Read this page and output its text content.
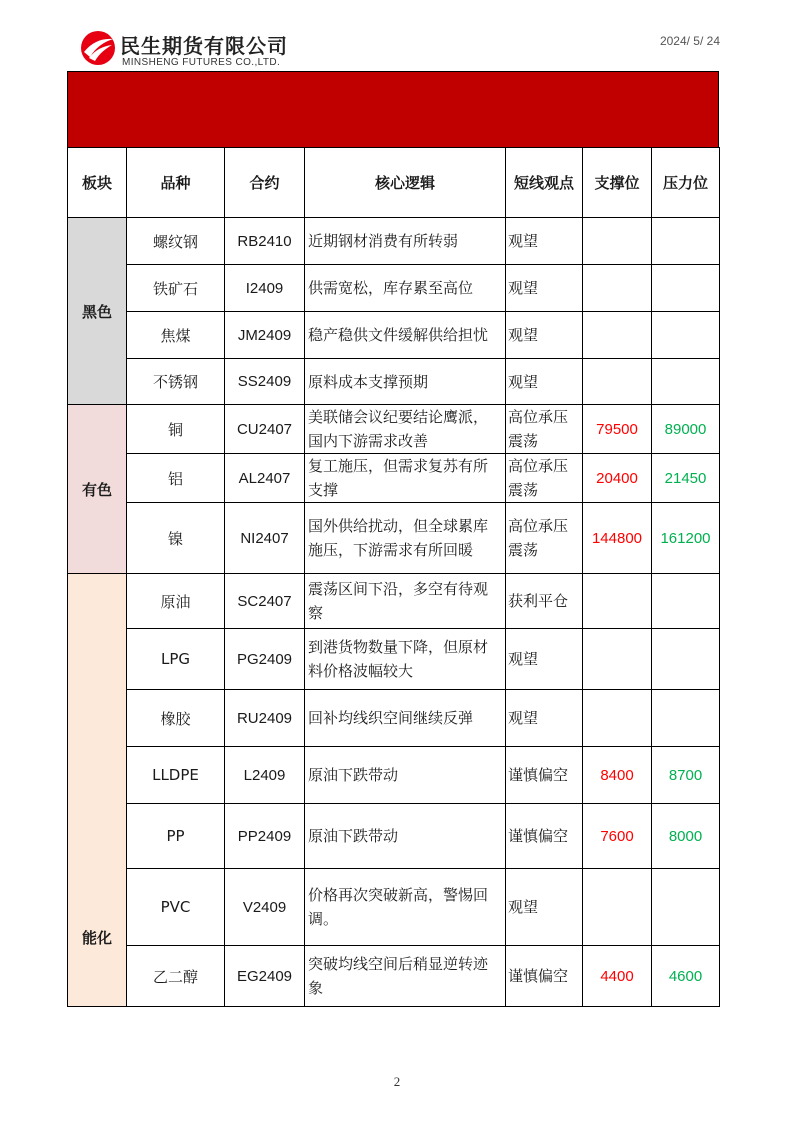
民生期货有限公司
MINSHENG FUTURES CO.,LTD.
2024/ 5/ 24
板块	品种	合约	核心逻辑	短线观点	支撑位	压力位
黑色	螺纹钢	RB2410	近期钢材消费有所转弱	观望		
	铁矿石	I2409	供需宽松，库存累至高位	观望		
	焦煤	JM2409	稳产稳供文件缓解供给担忧	观望		
	不锈钢	SS2409	原料成本支撑预期	观望		
有色	铜	CU2407	美联储会议纪要结论鹰派，国内下游需求改善	高位承压震荡	79500	89000
	铝	AL2407	复工施压，但需求复苏有所支撑	高位承压震荡	20400	21450
	镍	NI2407	国外供给扰动，但全球累库施压，下游需求有所回暖	高位承压震荡	144800	161200
能化	原油	SC2407	震荡区间下沿，多空有待观察	获利平仓		
	LPG	PG2409	到港货物数量下降，但原材料价格波幅较大	观望		
	橡胶	RU2409	回补均线织空间继续反弹	观望		
	LLDPE	L2409	原油下跌带动	谨慎偏空	8400	8700
	PP	PP2409	原油下跌带动	谨慎偏空	7600	8000
	PVC	V2409	价格再次突破新高，警惕回调。	观望		
	乙二醇	EG2409	突破均线空间后稍显逆转迹象	谨慎偏空	4400	4600
2
